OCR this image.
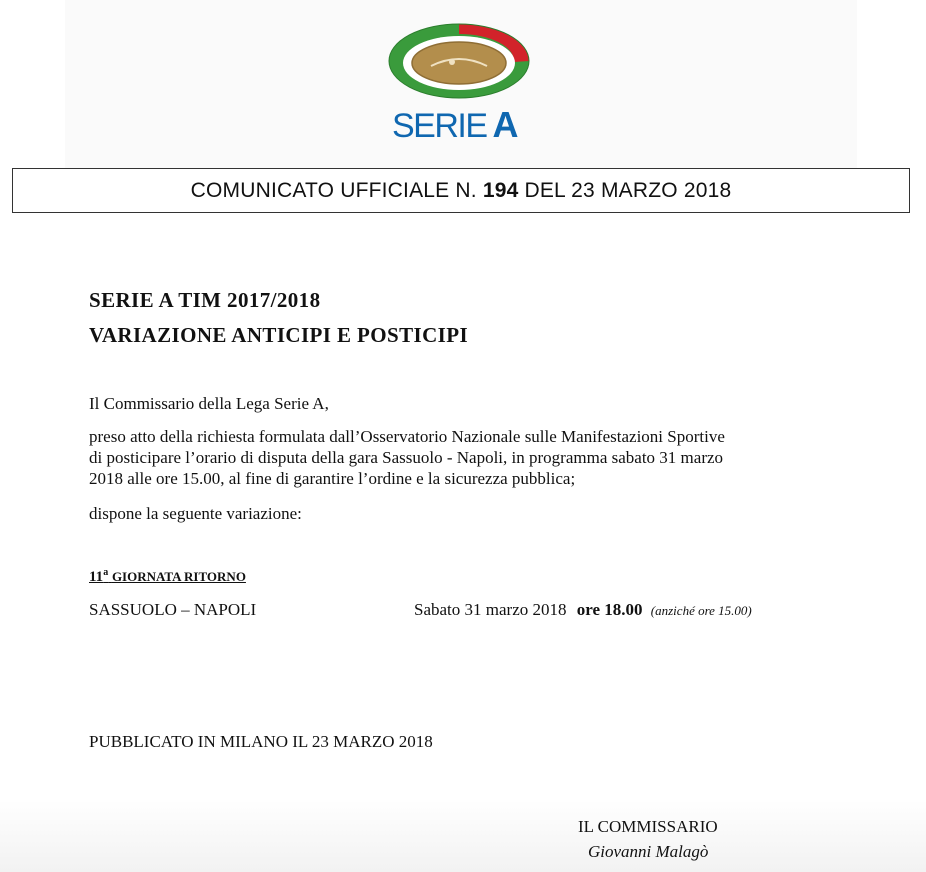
SERIE A
COMUNICATO UFFICIALE N. 194 DEL 23 MARZO 2018
SERIE A TIM 2017/2018
VARIAZIONE ANTICIPI E POSTICIPI
Il Commissario della Lega Serie A,
preso atto della richiesta formulata dall’Osservatorio Nazionale sulle Manifestazioni Sportive
di posticipare l’orario di disputa della gara Sassuolo - Napoli, in programma sabato 31 marzo
2018 alle ore 15.00, al fine di garantire l’ordine e la sicurezza pubblica;
dispone la seguente variazione:
11$^a$ GIORNATA RITORNO
SASSUOLO – NAPOLI	Sabato 31 marzo 2018 ore 18.00 (anziché ore 15.00)
PUBBLICATO IN MILANO IL 23 MARZO 2018
IL COMMISSARIO
Giovanni Malagò
